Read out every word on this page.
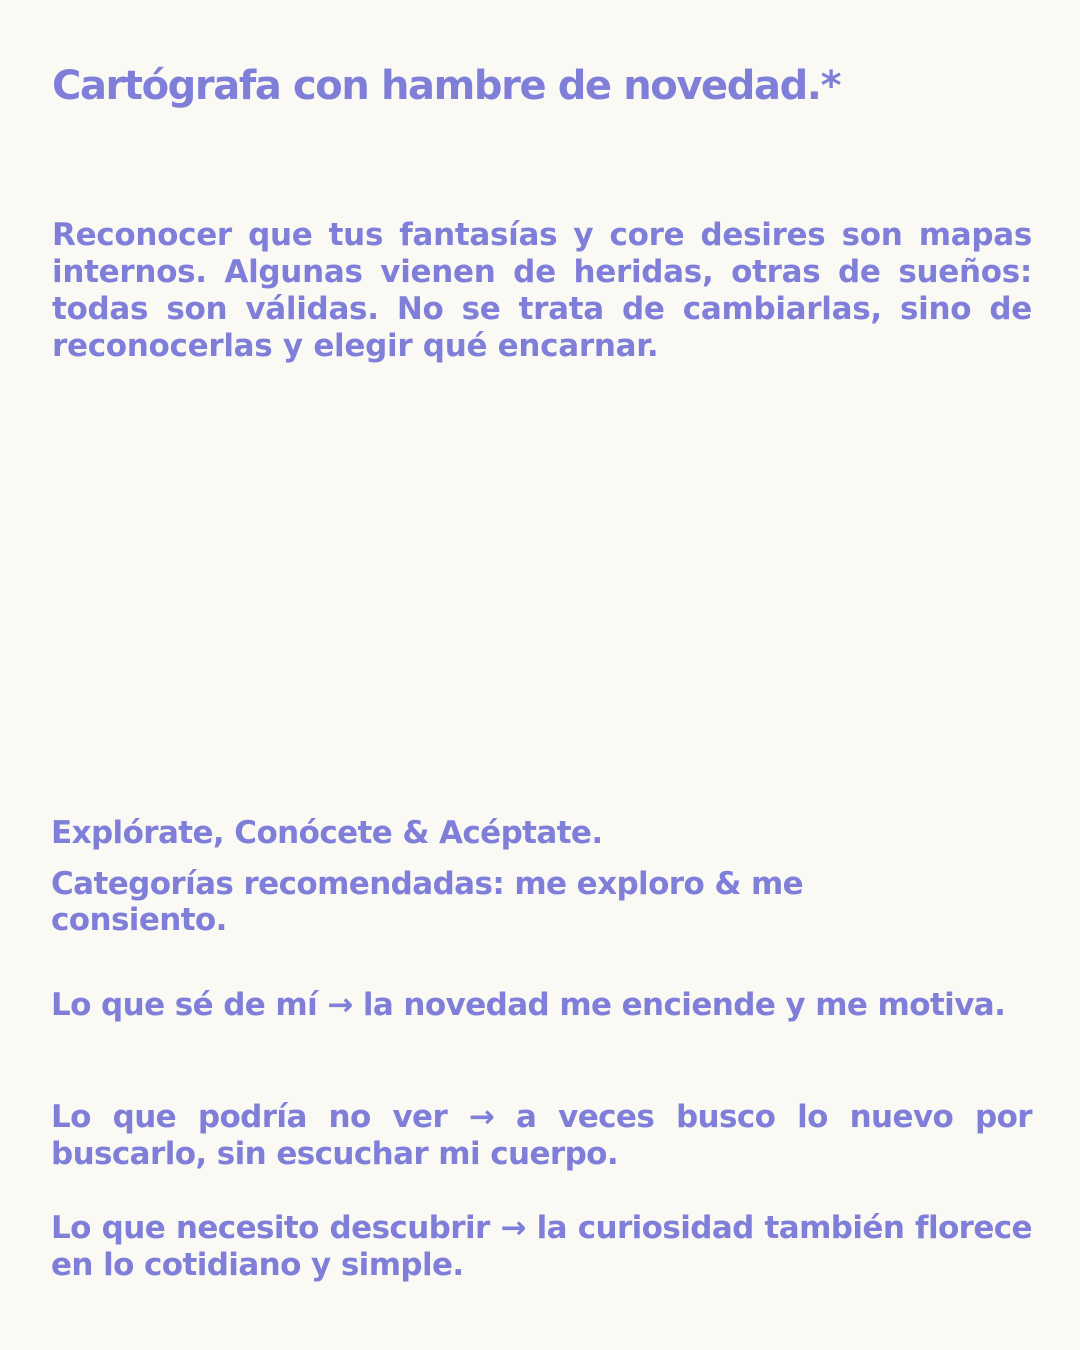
Cartógrafa con hambre de novedad.*

Reconocer que tus fantasías y core desires son mapas internos. Algunas vienen de heridas, otras de sueños: todas son válidas. No se trata de cambiarlas, sino de reconocerlas y elegir qué encarnar.

Explórate, Conócete & Acéptate.

Categorías recomendadas: me exploro & me consiento.

Lo que sé de mí → la novedad me enciende y me motiva.

Lo que podría no ver → a veces busco lo nuevo por buscarlo, sin escuchar mi cuerpo.

Lo que necesito descubrir → la curiosidad también florece en lo cotidiano y simple.
